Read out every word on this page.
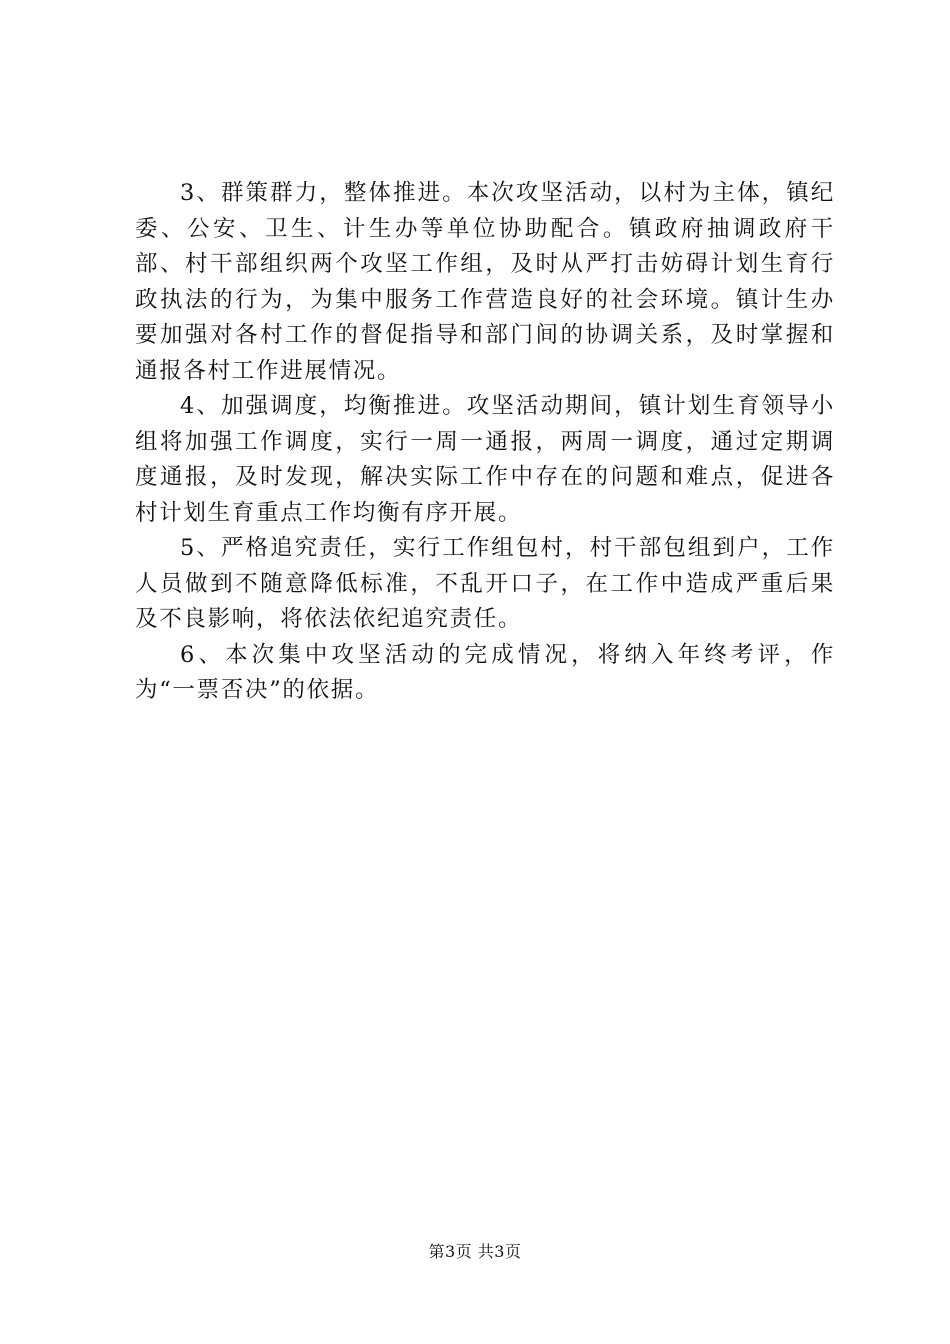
3、群策群力，整体推进。本次攻坚活动，以村为主体，镇纪委、公安、卫生、计生办等单位协助配合。镇政府抽调政府干部、村干部组织两个攻坚工作组，及时从严打击妨碍计划生育行政执法的行为，为集中服务工作营造良好的社会环境。镇计生办要加强对各村工作的督促指导和部门间的协调关系，及时掌握和通报各村工作进展情况。

4、加强调度，均衡推进。攻坚活动期间，镇计划生育领导小组将加强工作调度，实行一周一通报，两周一调度，通过定期调度通报，及时发现，解决实际工作中存在的问题和难点，促进各村计划生育重点工作均衡有序开展。

5、严格追究责任，实行工作组包村，村干部包组到户，工作人员做到不随意降低标准，不乱开口子，在工作中造成严重后果及不良影响，将依法依纪追究责任。

6、本次集中攻坚活动的完成情况，将纳入年终考评，作为“一票否决”的依据。

第3页 共3页
